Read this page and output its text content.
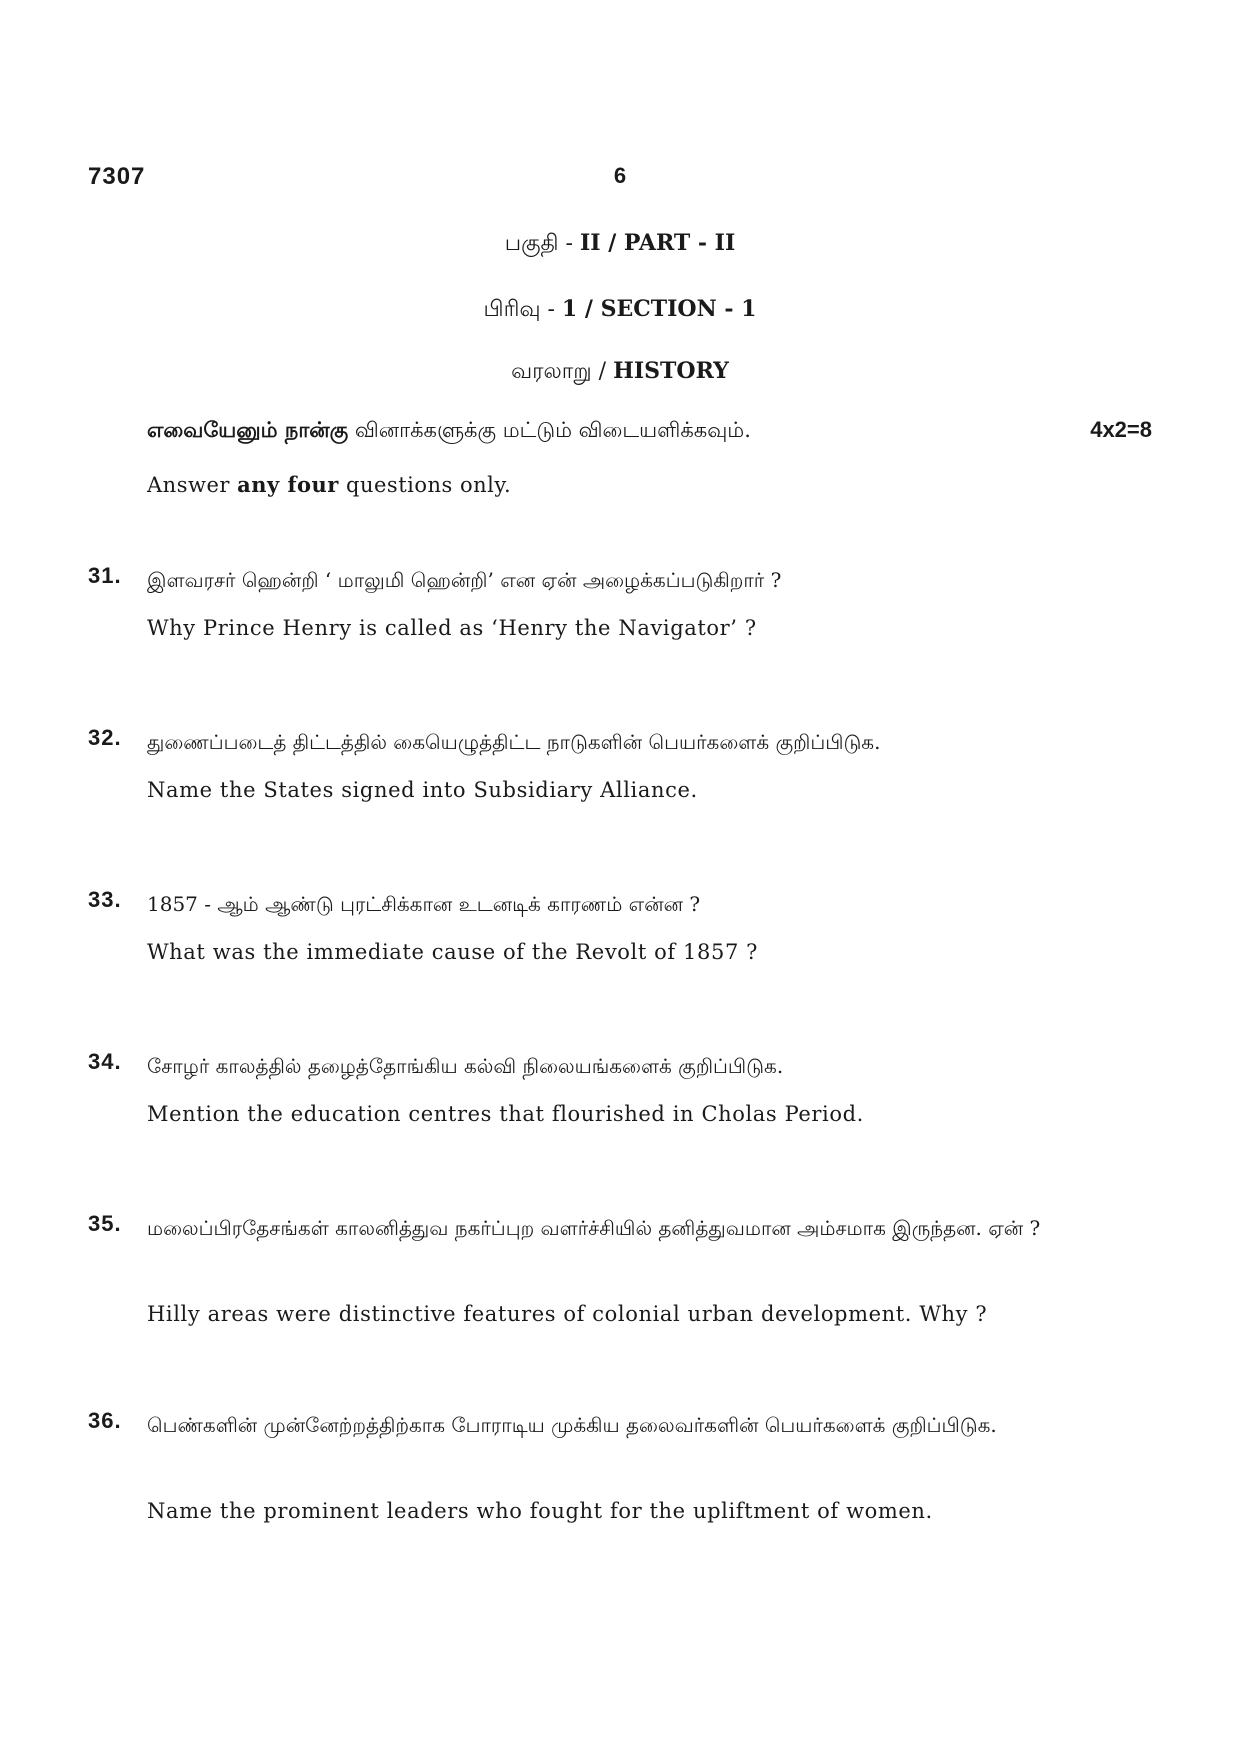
7307	6
பகுதி - II / PART - II
பிரிவு - 1 / SECTION - 1
வரலாறு / HISTORY
எவையேனும் நான்கு வினாக்களுக்கு மட்டும் விடையளிக்கவும்.	4x2=8
Answer any four questions only.
31. இளவரசர் ஹென்றி ‘ மாலுமி ஹென்றி’ என ஏன் அழைக்கப்படுகிறார் ?
Why Prince Henry is called as ‘Henry the Navigator’ ?
32. துணைப்படைத் திட்டத்தில் கையெழுத்திட்ட நாடுகளின் பெயர்களைக் குறிப்பிடுக.
Name the States signed into Subsidiary Alliance.
33. 1857 - ஆம் ஆண்டு புரட்சிக்கான உடனடிக் காரணம் என்ன ?
What was the immediate cause of the Revolt of 1857 ?
34. சோழர் காலத்தில் தழைத்தோங்கிய கல்வி நிலையங்களைக் குறிப்பிடுக.
Mention the education centres that flourished in Cholas Period.
35. மலைப்பிரதேசங்கள் காலனித்துவ நகர்ப்புற வளர்ச்சியில் தனித்துவமான அம்சமாக இருந்தன. ஏன் ?
Hilly areas were distinctive features of colonial urban development. Why ?
36. பெண்களின் முன்னேற்றத்திற்காக போராடிய முக்கிய தலைவர்களின் பெயர்களைக் குறிப்பிடுக.
Name the prominent leaders who fought for the upliftment of women.
